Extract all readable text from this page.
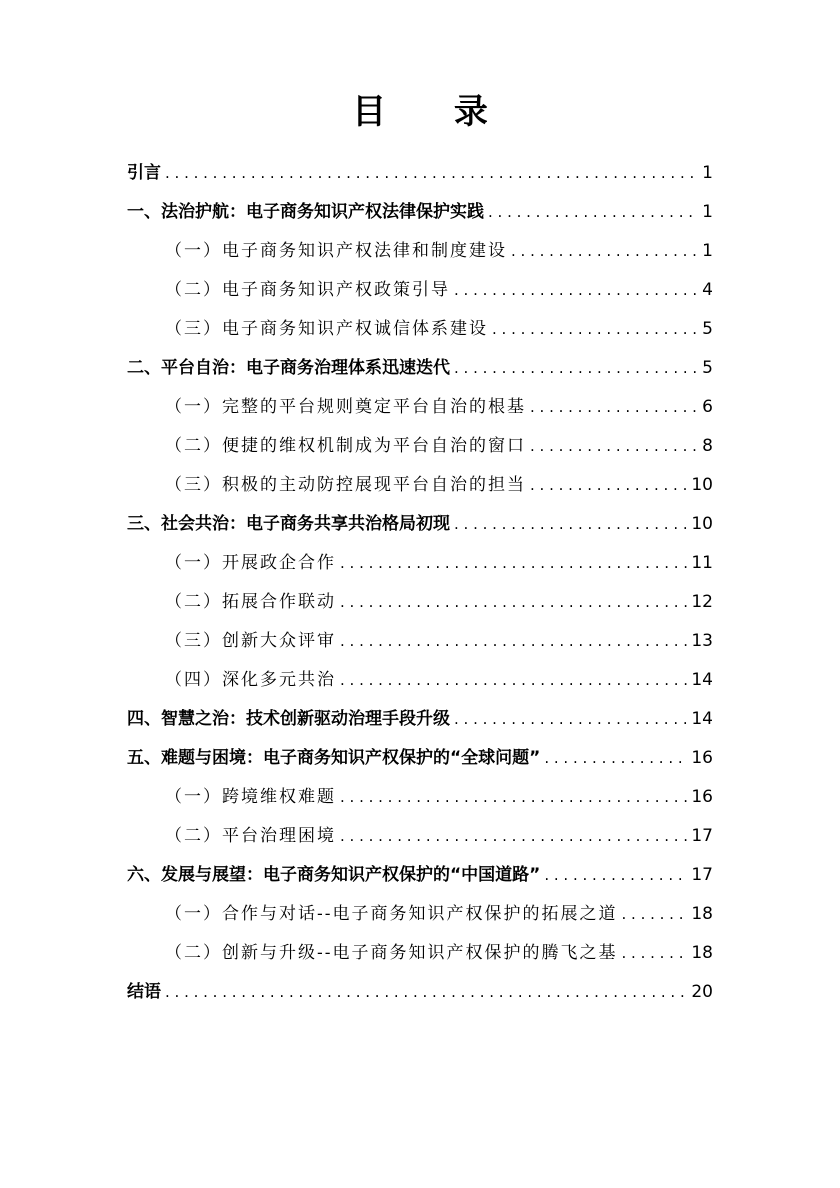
目 录
引言 . . .	1
一、法治护航：电子商务知识产权法律保护实践 . . .	1
（一）电子商务知识产权法律和制度建设 . . .	1
（二）电子商务知识产权政策引导 . . .	4
（三）电子商务知识产权诚信体系建设 . . .	5
二、平台自治：电子商务治理体系迅速迭代 . . .	5
（一）完整的平台规则奠定平台自治的根基 . . .	6
（二）便捷的维权机制成为平台自治的窗口 . . .	8
（三）积极的主动防控展现平台自治的担当 . . .	10
三、社会共治：电子商务共享共治格局初现 . . .	10
（一）开展政企合作 . . .	11
（二）拓展合作联动 . . .	12
（三）创新大众评审 . . .	13
（四）深化多元共治 . . .	14
四、智慧之治：技术创新驱动治理手段升级 . . .	14
五、难题与困境：电子商务知识产权保护的“全球问题” . . .	16
（一）跨境维权难题 . . .	16
（二）平台治理困境 . . .	17
六、发展与展望：电子商务知识产权保护的“中国道路” . . .	17
（一）合作与对话--电子商务知识产权保护的拓展之道 . . .	18
（二）创新与升级--电子商务知识产权保护的腾飞之基 . . .	18
结语 . . .	20
